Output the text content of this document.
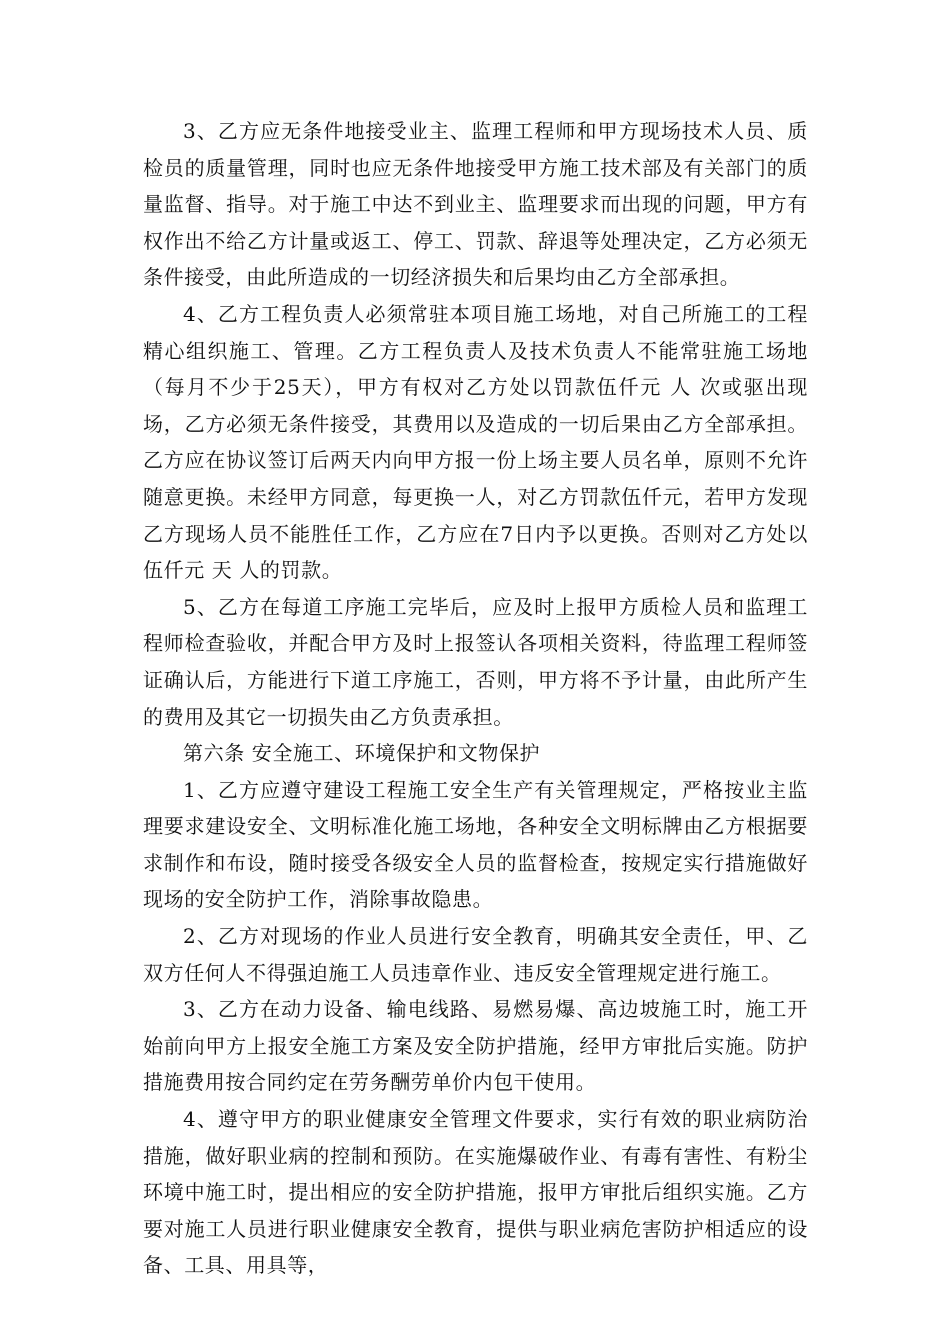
3、乙方应无条件地接受业主、监理工程师和甲方现场技术人员、质检员的质量管理，同时也应无条件地接受甲方施工技术部及有关部门的质量监督、指导。对于施工中达不到业主、监理要求而出现的问题，甲方有权作出不给乙方计量或返工、停工、罚款、辞退等处理决定，乙方必须无条件接受，由此所造成的一切经济损失和后果均由乙方全部承担。

4、乙方工程负责人必须常驻本项目施工场地，对自己所施工的工程精心组织施工、管理。乙方工程负责人及技术负责人不能常驻施工场地（每月不少于25天），甲方有权对乙方处以罚款伍仟元 人 次或驱出现场，乙方必须无条件接受，其费用以及造成的一切后果由乙方全部承担。乙方应在协议签订后两天内向甲方报一份上场主要人员名单，原则不允许随意更换。未经甲方同意，每更换一人，对乙方罚款伍仟元，若甲方发现乙方现场人员不能胜任工作，乙方应在7日内予以更换。否则对乙方处以伍仟元 天 人的罚款。

5、乙方在每道工序施工完毕后，应及时上报甲方质检人员和监理工程师检查验收，并配合甲方及时上报签认各项相关资料，待监理工程师签证确认后，方能进行下道工序施工，否则，甲方将不予计量，由此所产生的费用及其它一切损失由乙方负责承担。

第六条 安全施工、环境保护和文物保护

1、乙方应遵守建设工程施工安全生产有关管理规定，严格按业主监理要求建设安全、文明标准化施工场地，各种安全文明标牌由乙方根据要求制作和布设，随时接受各级安全人员的监督检查，按规定实行措施做好现场的安全防护工作，消除事故隐患。

2、乙方对现场的作业人员进行安全教育，明确其安全责任，甲、乙双方任何人不得强迫施工人员违章作业、违反安全管理规定进行施工。

3、乙方在动力设备、输电线路、易燃易爆、高边坡施工时，施工开始前向甲方上报安全施工方案及安全防护措施，经甲方审批后实施。防护措施费用按合同约定在劳务酬劳单价内包干使用。

4、遵守甲方的职业健康安全管理文件要求，实行有效的职业病防治措施，做好职业病的控制和预防。在实施爆破作业、有毒有害性、有粉尘环境中施工时，提出相应的安全防护措施，报甲方审批后组织实施。乙方要对施工人员进行职业健康安全教育，提供与职业病危害防护相适应的设备、工具、用具等，
